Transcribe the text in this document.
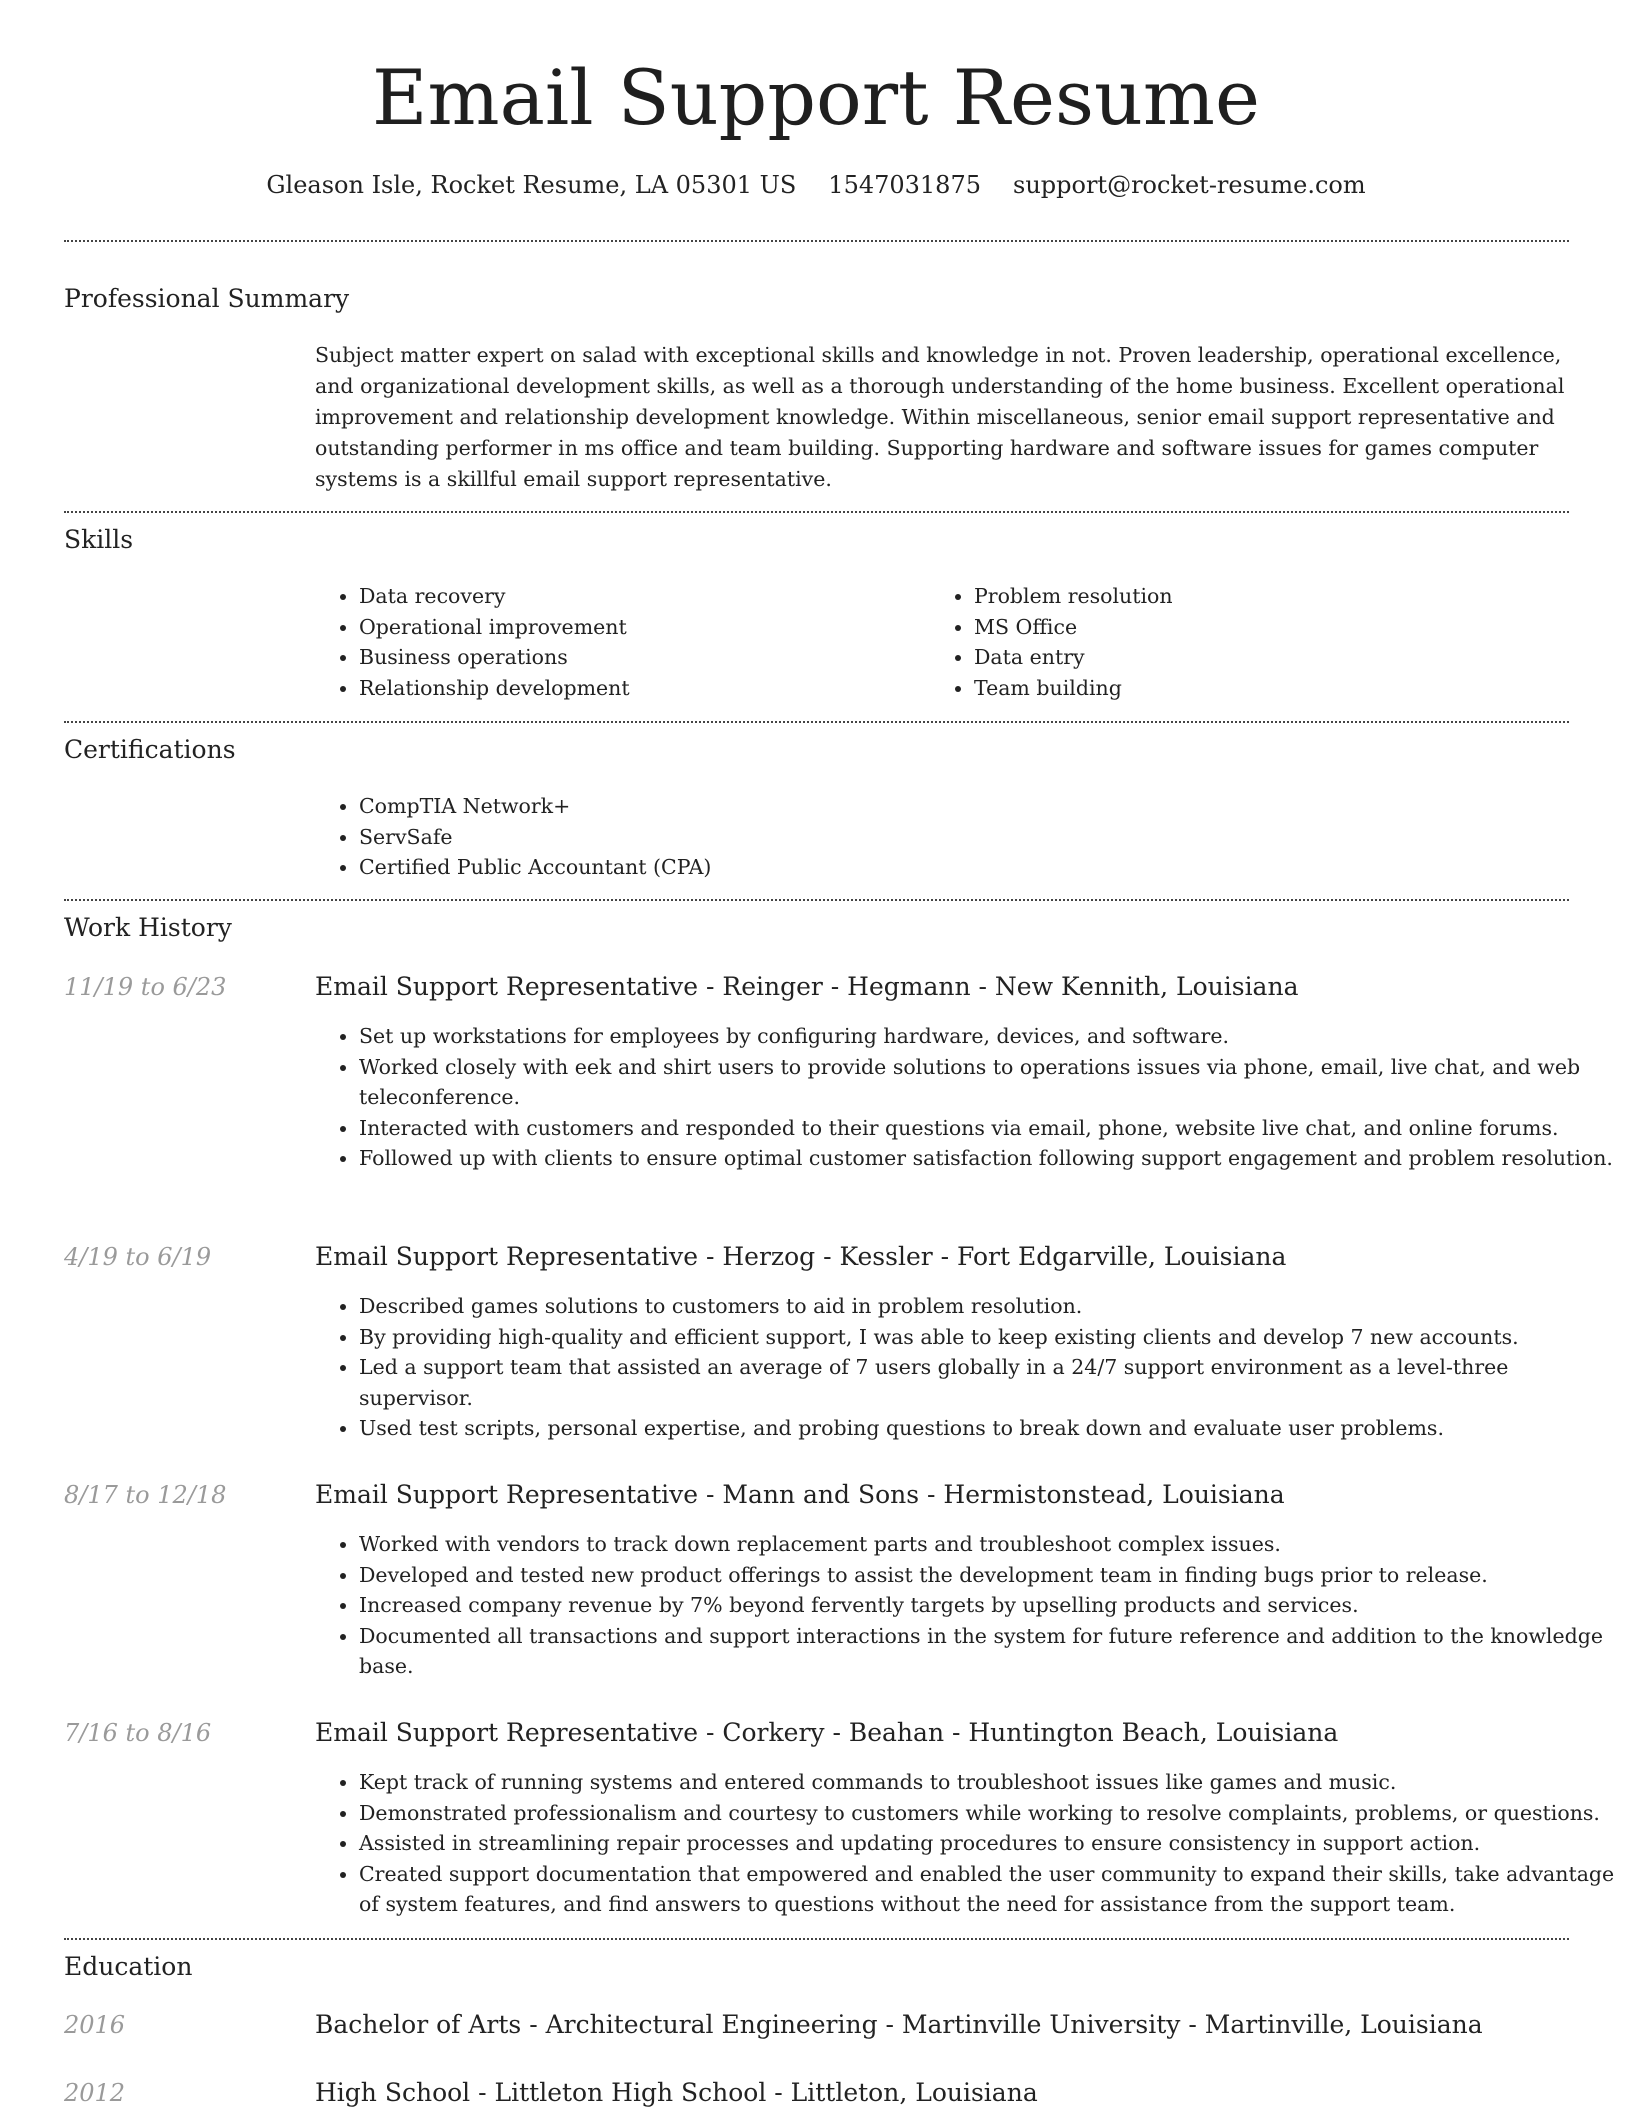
Email Support Resume
Gleason Isle, Rocket Resume, LA 05301 US 1547031875 support@rocket-resume.com
Professional Summary

Subject matter expert on salad with exceptional skills and knowledge in not. Proven leadership, operational excellence, and organizational development skills, as well as a thorough understanding of the home business. Excellent operational improvement and relationship development knowledge. Within miscellaneous, senior email support representative and outstanding performer in ms office and team building. Supporting hardware and software issues for games computer systems is a skillful email support representative.

Skills
• Data recovery
• Operational improvement
• Business operations
• Relationship development
• Problem resolution
• MS Office
• Data entry
• Team building
Certifications
• CompTIA Network+
• ServSafe
• Certified Public Accountant (CPA)
Work History
11/19 to 6/23	Email Support Representative - Reinger - Hegmann - New Kennith, Louisiana
• Set up workstations for employees by configuring hardware, devices, and software.
• Worked closely with eek and shirt users to provide solutions to operations issues via phone, email, live chat, and web teleconference.
• Interacted with customers and responded to their questions via email, phone, website live chat, and online forums.
• Followed up with clients to ensure optimal customer satisfaction following support engagement and problem resolution.
4/19 to 6/19	Email Support Representative - Herzog - Kessler - Fort Edgarville, Louisiana
• Described games solutions to customers to aid in problem resolution.
• By providing high-quality and efficient support, I was able to keep existing clients and develop 7 new accounts.
• Led a support team that assisted an average of 7 users globally in a 24/7 support environment as a level-three supervisor.
• Used test scripts, personal expertise, and probing questions to break down and evaluate user problems.
8/17 to 12/18	Email Support Representative - Mann and Sons - Hermistonstead, Louisiana
• Worked with vendors to track down replacement parts and troubleshoot complex issues.
• Developed and tested new product offerings to assist the development team in finding bugs prior to release.
• Increased company revenue by 7% beyond fervently targets by upselling products and services.
• Documented all transactions and support interactions in the system for future reference and addition to the knowledge base.
7/16 to 8/16	Email Support Representative - Corkery - Beahan - Huntington Beach, Louisiana
• Kept track of running systems and entered commands to troubleshoot issues like games and music.
• Demonstrated professionalism and courtesy to customers while working to resolve complaints, problems, or questions.
• Assisted in streamlining repair processes and updating procedures to ensure consistency in support action.
• Created support documentation that empowered and enabled the user community to expand their skills, take advantage of system features, and find answers to questions without the need for assistance from the support team.
Education
2016	Bachelor of Arts - Architectural Engineering - Martinville University - Martinville, Louisiana
2012	High School - Littleton High School - Littleton, Louisiana
